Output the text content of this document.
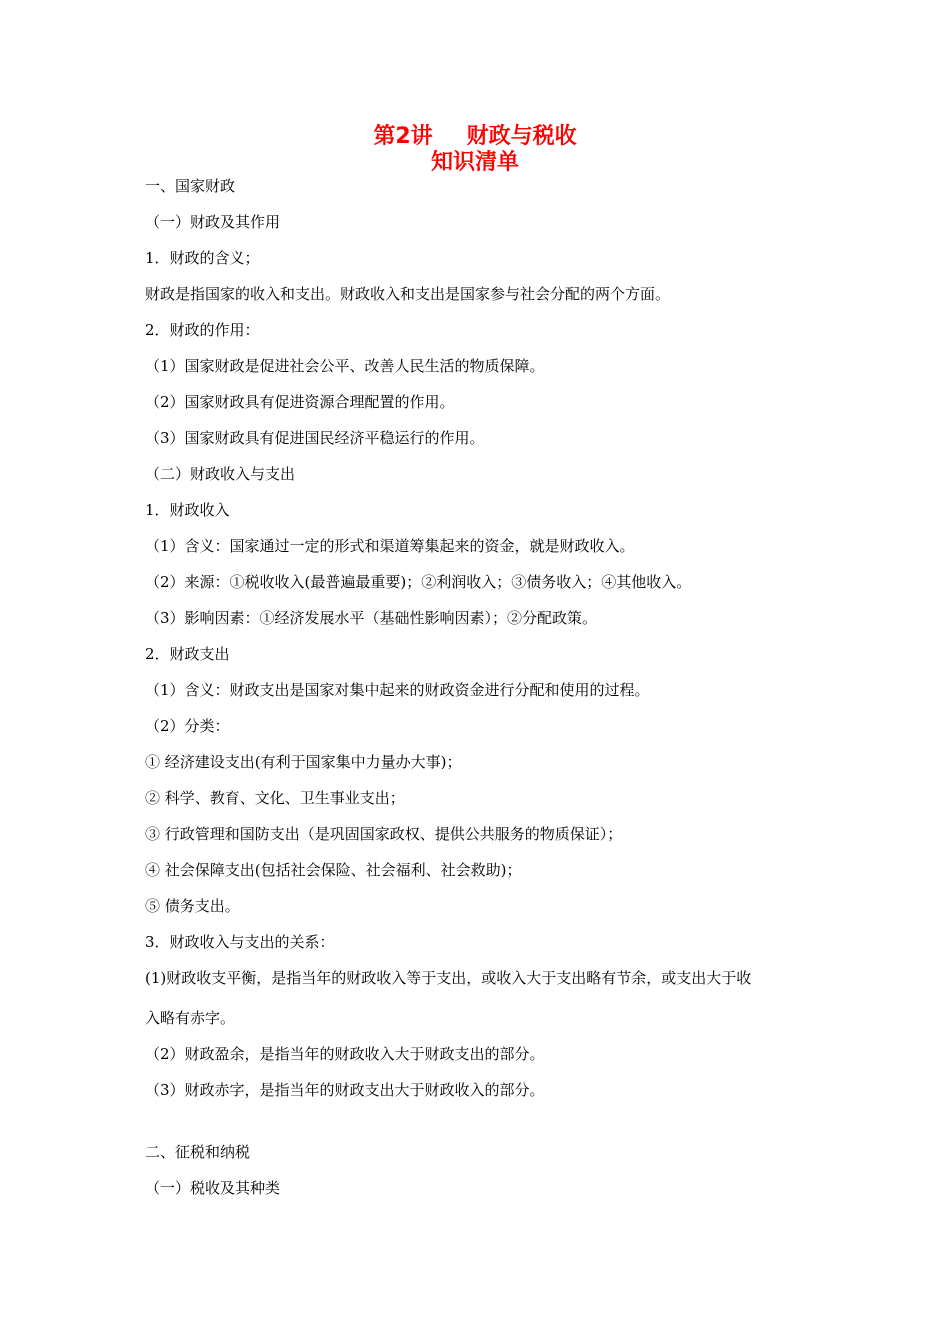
第2讲 财政与税收
知识清单
一、国家财政
（一）财政及其作用
1．财政的含义；
财政是指国家的收入和支出。财政收入和支出是国家参与社会分配的两个方面。
2．财政的作用：
（1）国家财政是促进社会公平、改善人民生活的物质保障。
（2）国家财政具有促进资源合理配置的作用。
（3）国家财政具有促进国民经济平稳运行的作用。
（二）财政收入与支出
1．财政收入
（1）含义：国家通过一定的形式和渠道筹集起来的资金，就是财政收入。
（2）来源：①税收收入(最普遍最重要)；②利润收入；③债务收入；④其他收入。
（3）影响因素：①经济发展水平（基础性影响因素）；②分配政策。
2．财政支出
（1）含义：财政支出是国家对集中起来的财政资金进行分配和使用的过程。
（2）分类：
① 经济建设支出(有利于国家集中力量办大事)；
② 科学、教育、文化、卫生事业支出；
③ 行政管理和国防支出（是巩固国家政权、提供公共服务的物质保证）；
④ 社会保障支出(包括社会保险、社会福利、社会救助)；
⑤ 债务支出。
3．财政收入与支出的关系：
(1)财政收支平衡，是指当年的财政收入等于支出，或收入大于支出略有节余，或支出大于收
入略有赤字。
（2）财政盈余，是指当年的财政收入大于财政支出的部分。
（3）财政赤字，是指当年的财政支出大于财政收入的部分。
二、征税和纳税
（一）税收及其种类
